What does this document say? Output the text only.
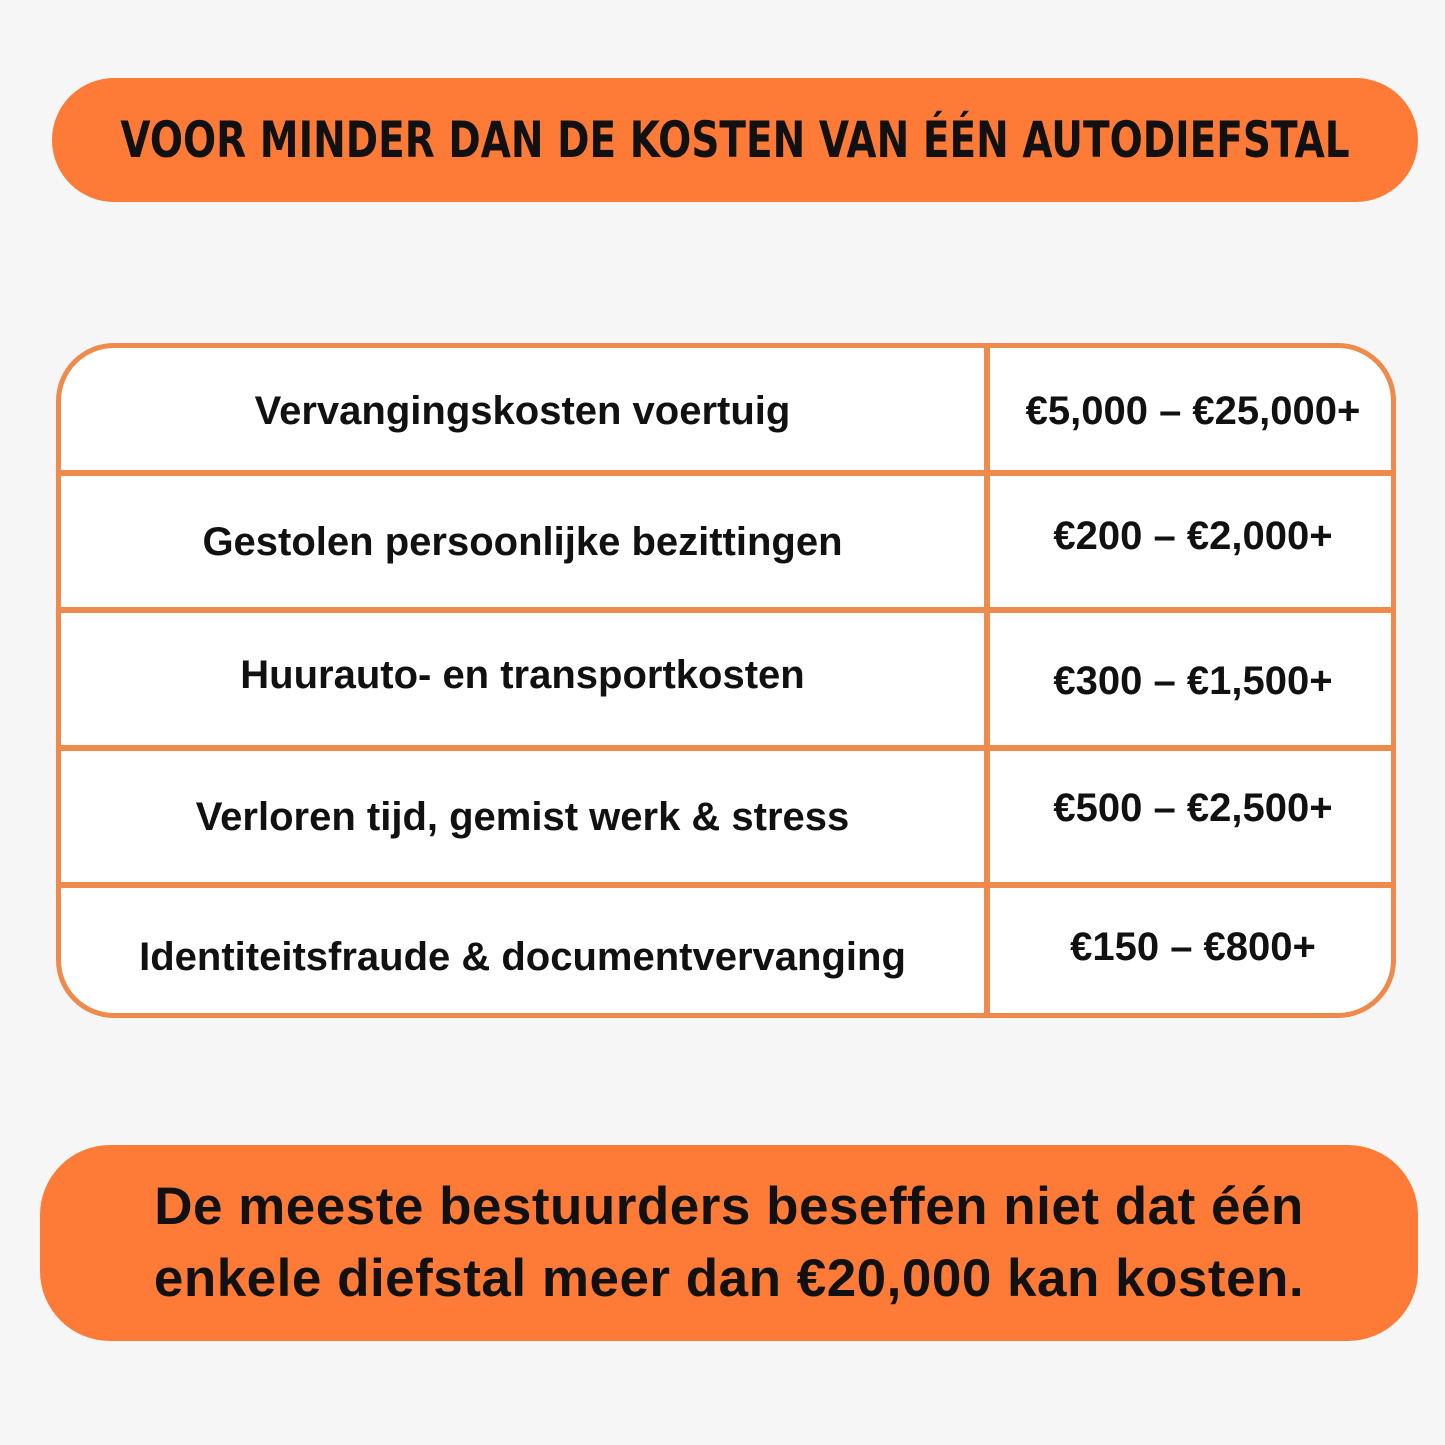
VOOR MINDER DAN DE KOSTEN VAN ÉÉN AUTODIEFSTAL
Vervangingskosten voertuig	€5,000 – €25,000+
Gestolen persoonlijke bezittingen	€200 – €2,000+
Huurauto- en transportkosten	€300 – €1,500+
Verloren tijd, gemist werk & stress	€500 – €2,500+
Identiteitsfraude & documentvervanging	€150 – €800+
De meeste bestuurders beseffen niet dat één
enkele diefstal meer dan €20,000 kan kosten.
